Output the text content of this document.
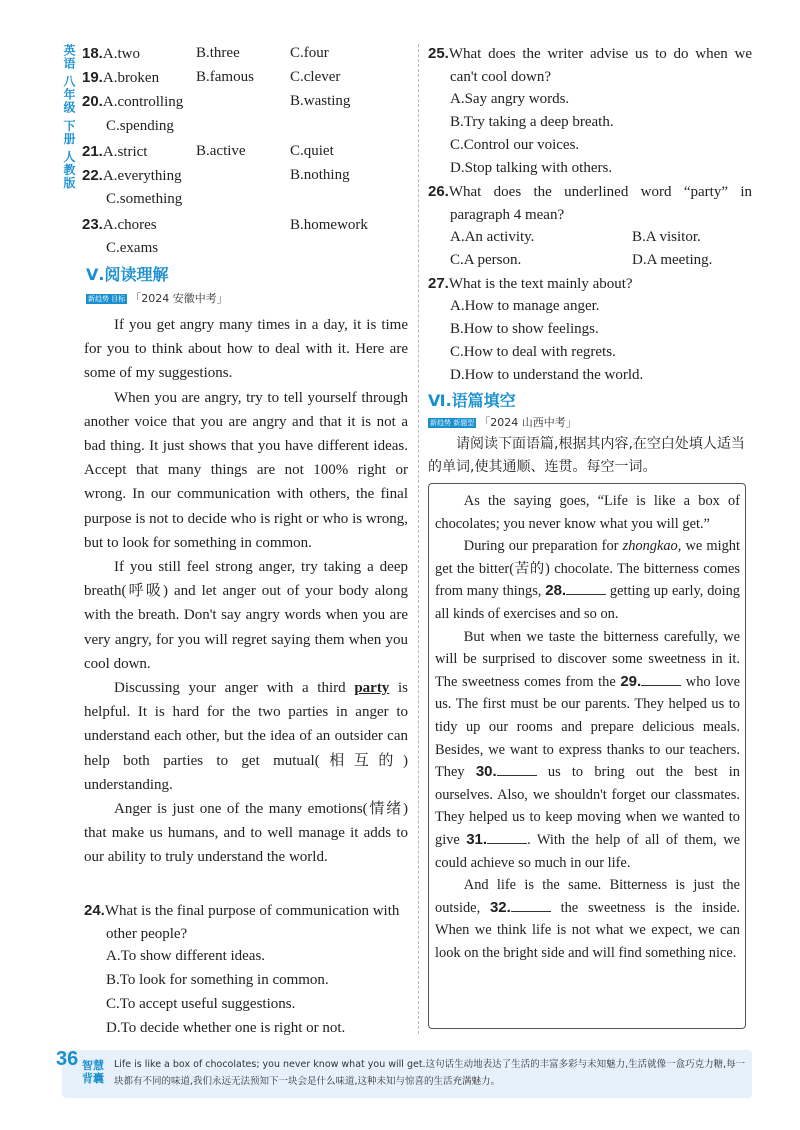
英语 八年级 下册 人教版 18.A.two	B.three	C.four
19.A.broken B.famous C.clever
20.A.controlling	B.wasting
C.spending
21.A.strict	B.active	C.quiet
22.A.everything	B.nothing
C.something
23.A.chores	B.homework
C.exams
Ⅴ.阅读理解
新趋势 目标 「2024 安徽中考」

If you get angry many times in a day, it is time for you to think about how to deal with it. Here are some of my suggestions.

When you are angry, try to tell yourself through another voice that you are angry and that it is not a bad thing. It just shows that you have different ideas. Accept that many things are not 100% right or wrong. In our communication with others, the final purpose is not to decide who is right or who is wrong, but to look for something in common.

If you still feel strong anger, try taking a deep breath(呼吸) and let anger out of your body along with the breath. Don't say angry words when you are very angry, for you will regret saying them when you cool down.

Discussing your anger with a third party is helpful. It is hard for the two parties in anger to understand each other, but the idea of an outsider can help both parties to get mutual(相互的) understanding.

Anger is just one of the many emotions(情绪) that make us humans, and to well manage it adds to our ability to truly understand the world.

24.What is the final purpose of communication with other people?
A.To show different ideas.
B.To look for something in common.
C.To accept useful suggestions.
D.To decide whether one is right or not.
25.What does the writer advise us to do when we can't cool down?
A.Say angry words.
B.Try taking a deep breath.
C.Control our voices.
D.Stop talking with others.
26.What does the underlined word “party” in paragraph 4 mean?
A.An activity.	B.A visitor.
C.A person.	D.A meeting.
27.What is the text mainly about?
A.How to manage anger.
B.How to show feelings.
C.How to deal with regrets.
D.How to understand the world.
Ⅵ.语篇填空
新趋势 新题型 「2024 山西中考」
请阅读下面语篇,根据其内容,在空白处填人适当的单词,使其通顺、连贯。每空一词。

As the saying goes, “Life is like a box of chocolates; you never know what you will get.”

During our preparation for zhongkao, we might get the bitter(苦的) chocolate. The bitterness comes from many things, 28.	getting up early, doing all kinds of exercises and so on.

But when we taste the bitterness carefully, we will be surprised to discover some sweetness in it. The sweetness comes from the 29.	who love us. The first must be our parents. They helped us to tidy up our rooms and prepare delicious meals. Besides, we want to express thanks to our teachers. They 30.	us to bring out the best in ourselves. Also, we shouldn't forget our classmates. They helped us to keep moving when we wanted to give 31.	. With the help of all of them, we could achieve so much in our life.

And life is the same. Bitterness is just the outside, 32.	the sweetness is the inside. When we think life is not what we expect, we can look on the bright side and will find something nice.

36 智慧背囊
Life is like a box of chocolates; you never know what you will get.这句话生动地表达了生活的丰富多彩与未知魅力,生活就像一盒巧克力糖,每一块都有不同的味道,我们永远无法预知下一块会是什么味道,这种未知与惊喜的生活充满魅力。
